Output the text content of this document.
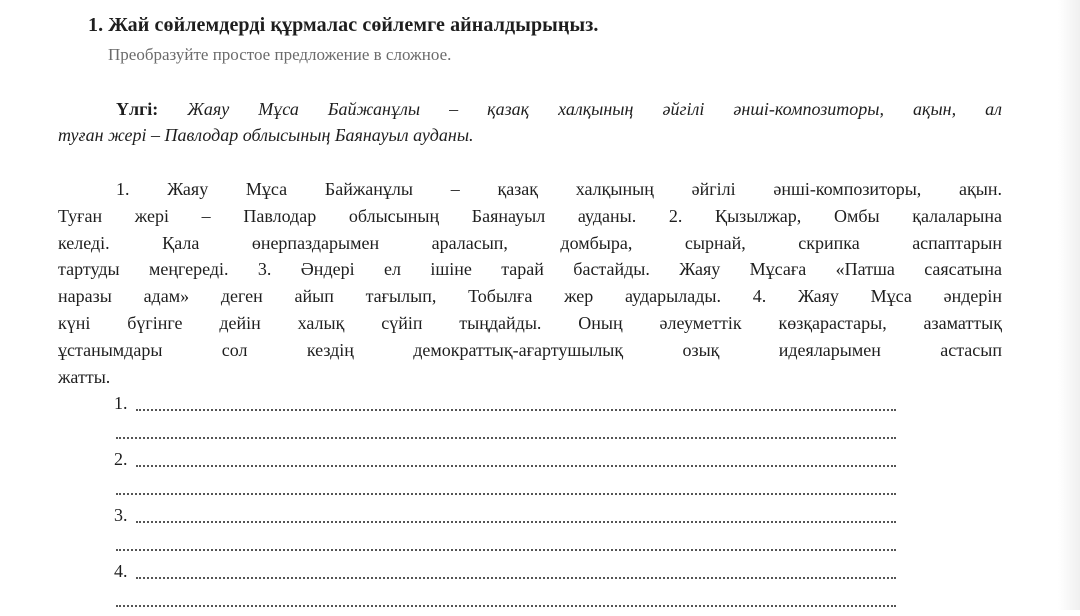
1. Жай сөйлемдерді құрмалас сөйлемге айналдырыңыз.
Преобразуйте простое предложение в сложное.
Үлгі: Жаяу Мұса Байжанұлы – қазақ халқының әйгілі әнші-композиторы, ақын, ал
туған жері – Павлодар облысының Баянауыл ауданы.
1. Жаяу Мұса Байжанұлы – қазақ халқының әйгілі әнші-композиторы, ақын.
Туған жері – Павлодар облысының Баянауыл ауданы. 2. Қызылжар, Омбы қалаларына
келеді. Қала өнерпаздарымен араласып, домбыра, сырнай, скрипка аспаптарын
тартуды меңгереді. 3. Әндері ел ішіне тарай бастайды. Жаяу Мұсаға «Патша саясатына
наразы адам» деген айып тағылып, Тобылға жер аударылады. 4. Жаяу Мұса әндерін
күні бүгінге дейін халық сүйіп тыңдайды. Оның әлеуметтік көзқарастары, азаматтық
ұстанымдары сол кездің демократтық-ағартушылық озық идеяларымен астасып
жатты.
1.
2.
3.
4.
